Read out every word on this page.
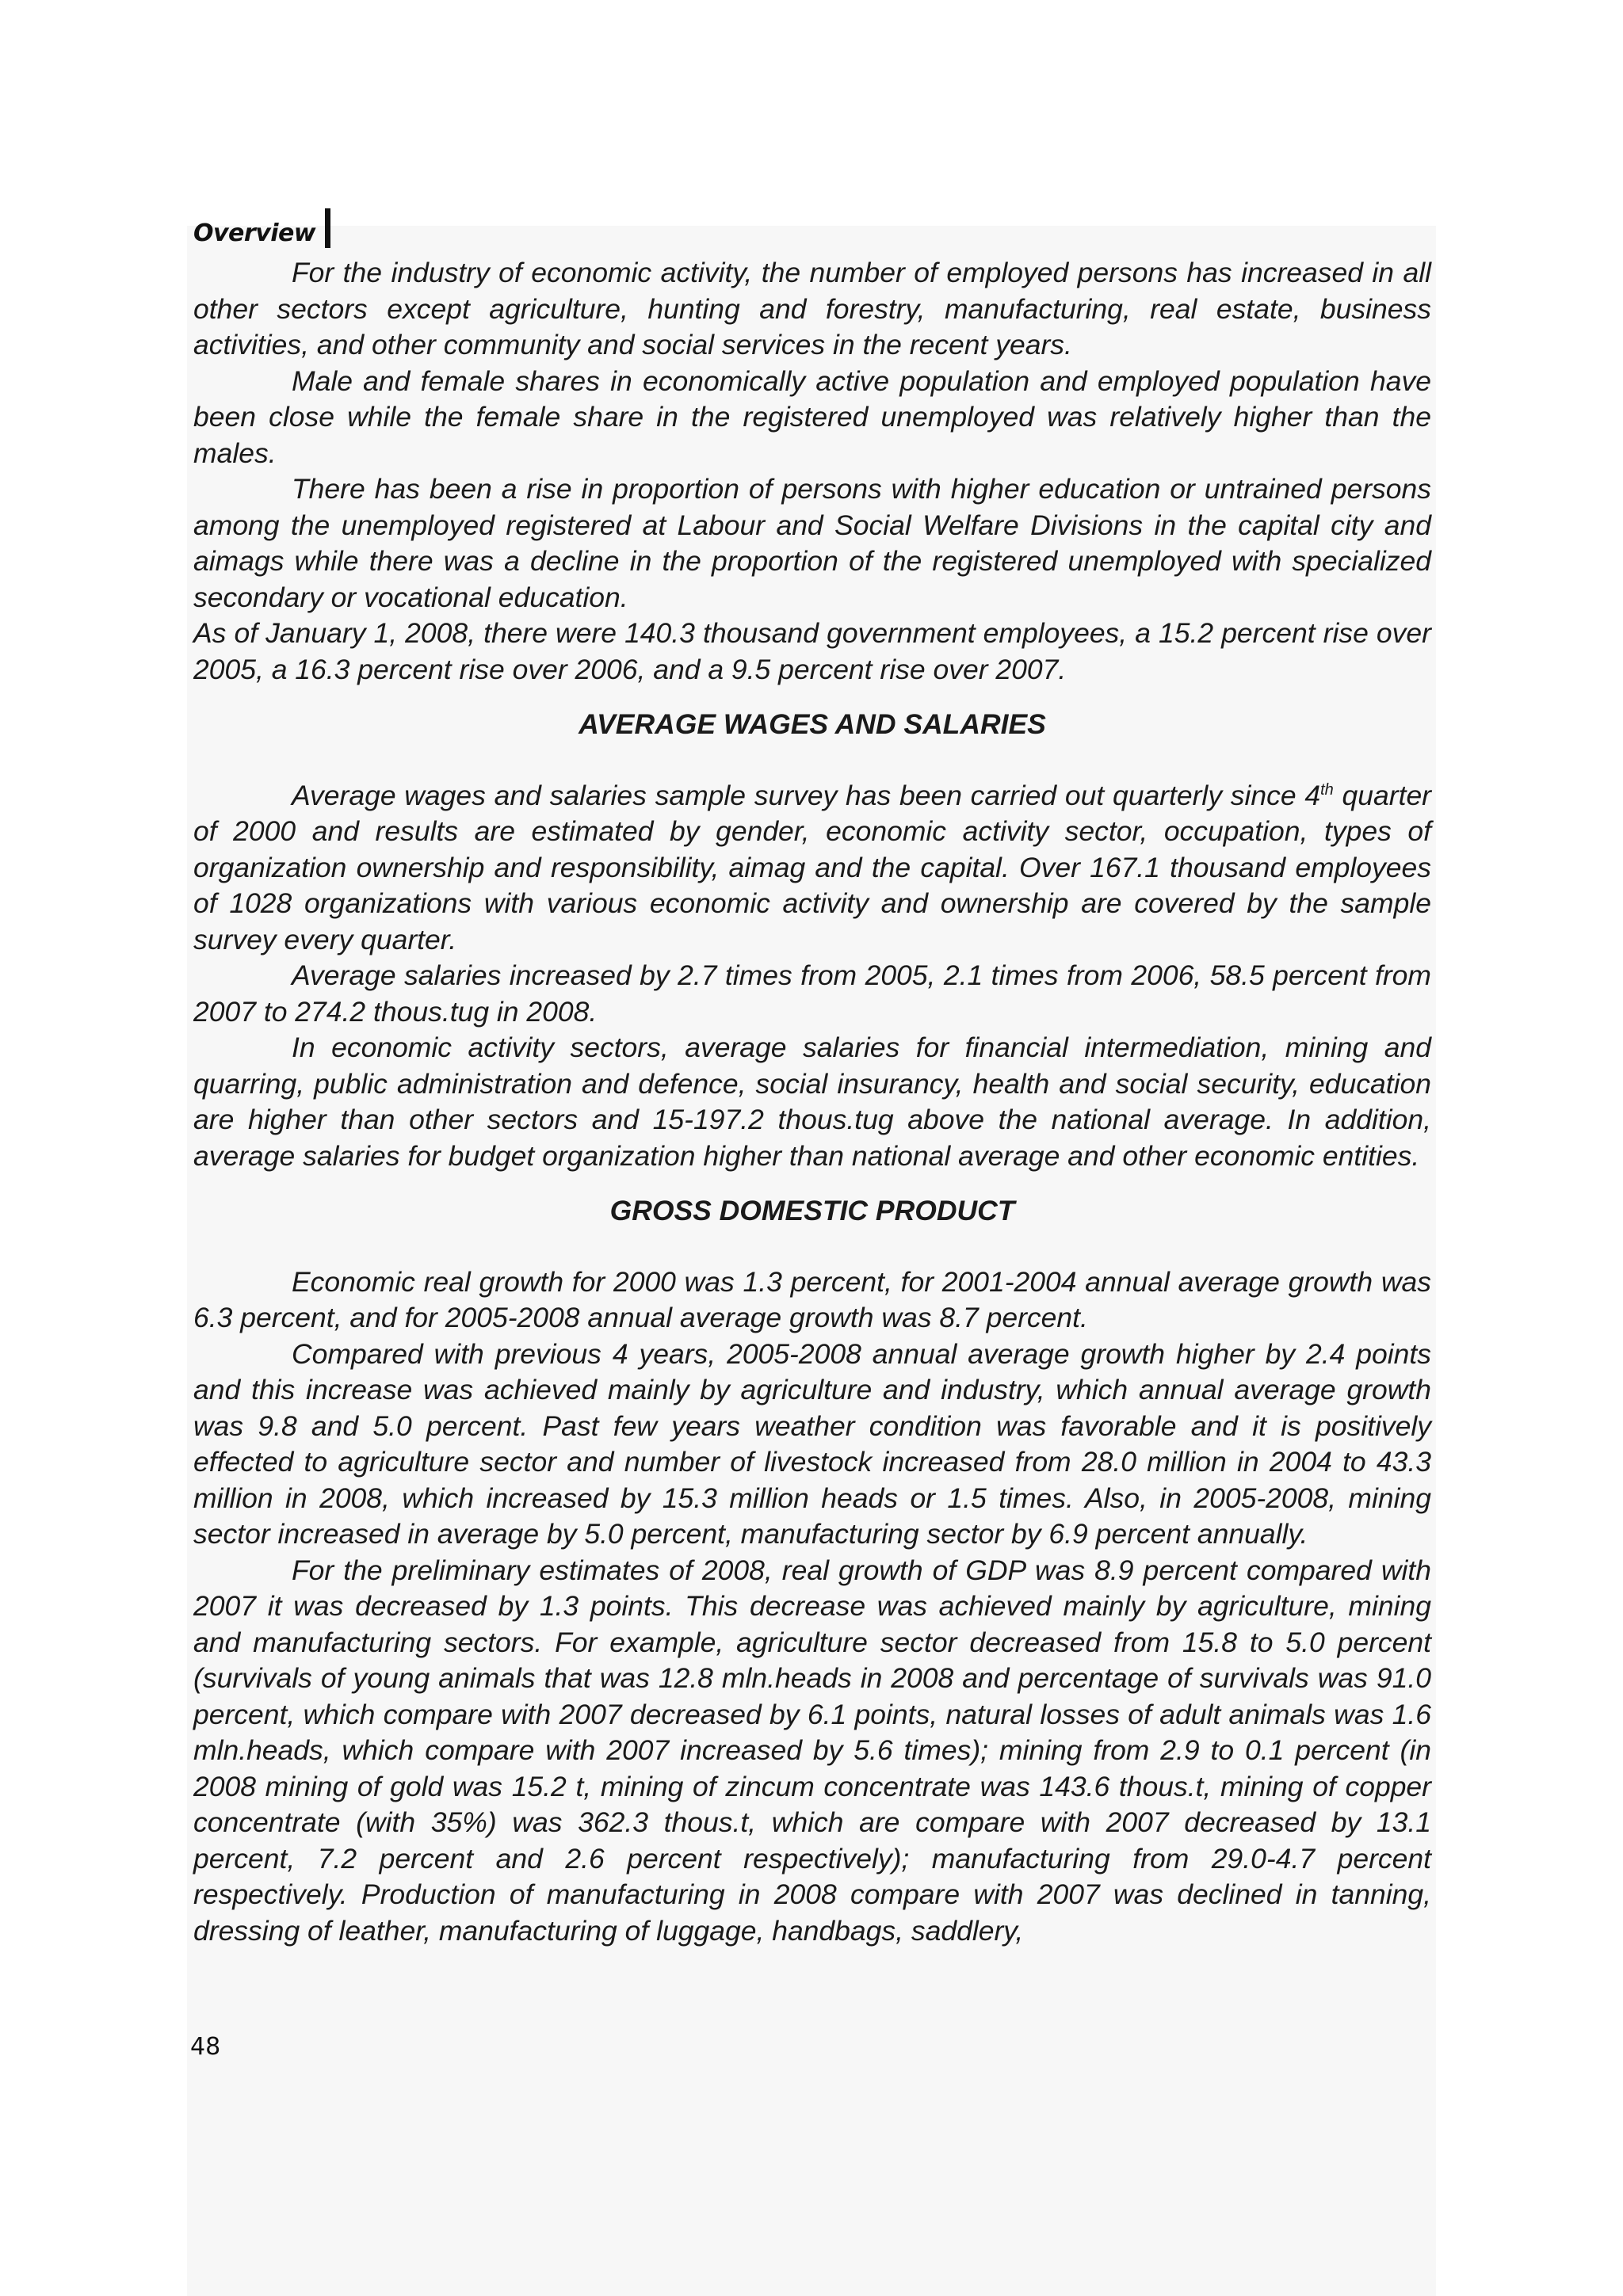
Overview

For the industry of economic activity, the number of employed persons has increased in all other sectors except agriculture, hunting and forestry, manufacturing, real estate, business activities, and other community and social services in the recent years.

Male and female shares in economically active population and employed population have been close while the female share in the registered unemployed was relatively higher than the males.

There has been a rise in proportion of persons with higher education or untrained persons among the unemployed registered at Labour and Social Welfare Divisions in the capital city and aimags while there was a decline in the proportion of the registered unemployed with specialized secondary or vocational education.

As of January 1, 2008, there were 140.3 thousand government employees, a 15.2 percent rise over 2005, a 16.3 percent rise over 2006, and a 9.5 percent rise over 2007.

AVERAGE WAGES AND SALARIES

Average wages and salaries sample survey has been carried out quarterly since 4th quarter of 2000 and results are estimated by gender, economic activity sector, occupation, types of organization ownership and responsibility, aimag and the capital. Over 167.1 thousand employees of 1028 organizations with various economic activity and ownership are covered by the sample survey every quarter.

Average salaries increased by 2.7 times from 2005, 2.1 times from 2006, 58.5 percent from 2007 to 274.2 thous.tug in 2008.

In economic activity sectors, average salaries for financial intermediation, mining and quarring, public administration and defence, social insurancy, health and social security, education are higher than other sectors and 15-197.2 thous.tug above the national average. In addition, average salaries for budget organization higher than national average and other economic entities.

GROSS DOMESTIC PRODUCT

Economic real growth for 2000 was 1.3 percent, for 2001-2004 annual average growth was 6.3 percent, and for 2005-2008 annual average growth was 8.7 percent.

Compared with previous 4 years, 2005-2008 annual average growth higher by 2.4 points and this increase was achieved mainly by agriculture and industry, which annual average growth was 9.8 and 5.0 percent. Past few years weather condition was favorable and it is positively effected to agriculture sector and number of livestock increased from 28.0 million in 2004 to 43.3 million in 2008, which increased by 15.3 million heads or 1.5 times. Also, in 2005-2008, mining sector increased in average by 5.0 percent, manufacturing sector by 6.9 percent annually.

For the preliminary estimates of 2008, real growth of GDP was 8.9 percent compared with 2007 it was decreased by 1.3 points. This decrease was achieved mainly by agriculture, mining and manufacturing sectors. For example, agriculture sector decreased from 15.8 to 5.0 percent (survivals of young animals that was 12.8 mln.heads in 2008 and percentage of survivals was 91.0 percent, which compare with 2007 decreased by 6.1 points, natural losses of adult animals was 1.6 mln.heads, which compare with 2007 increased by 5.6 times); mining from 2.9 to 0.1 percent (in 2008 mining of gold was 15.2 t, mining of zincum concentrate was 143.6 thous.t, mining of copper concentrate (with 35%) was 362.3 thous.t, which are compare with 2007 decreased by 13.1 percent, 7.2 percent and 2.6 percent respectively); manufacturing from 29.0-4.7 percent respectively. Production of manufacturing in 2008 compare with 2007 was declined in tanning, dressing of leather, manufacturing of luggage, handbags, saddlery,

48
